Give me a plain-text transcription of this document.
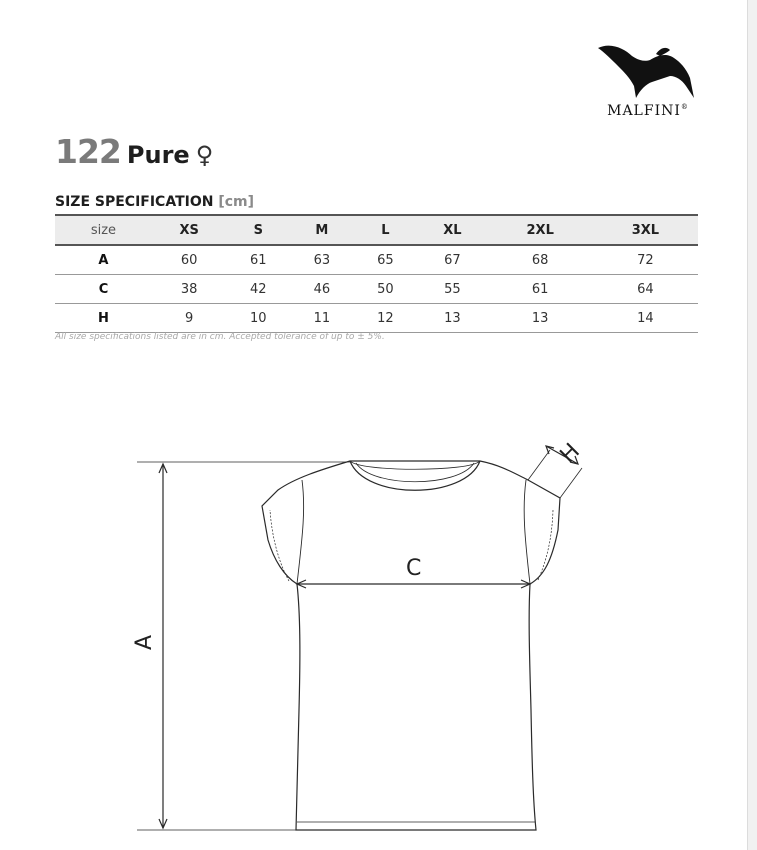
MALFINI®
122 Pure ♀
SIZE SPECIFICATION [cm]
size	XS	S	M	L	XL	2XL	3XL
A	60	61	63	65	67	68	72
C	38	42	46	50	55	61	64
H	9	10	11	12	13	13	14
All size specifications listed are in cm. Accepted tolerance of up to ± 5%.
A
C
H
